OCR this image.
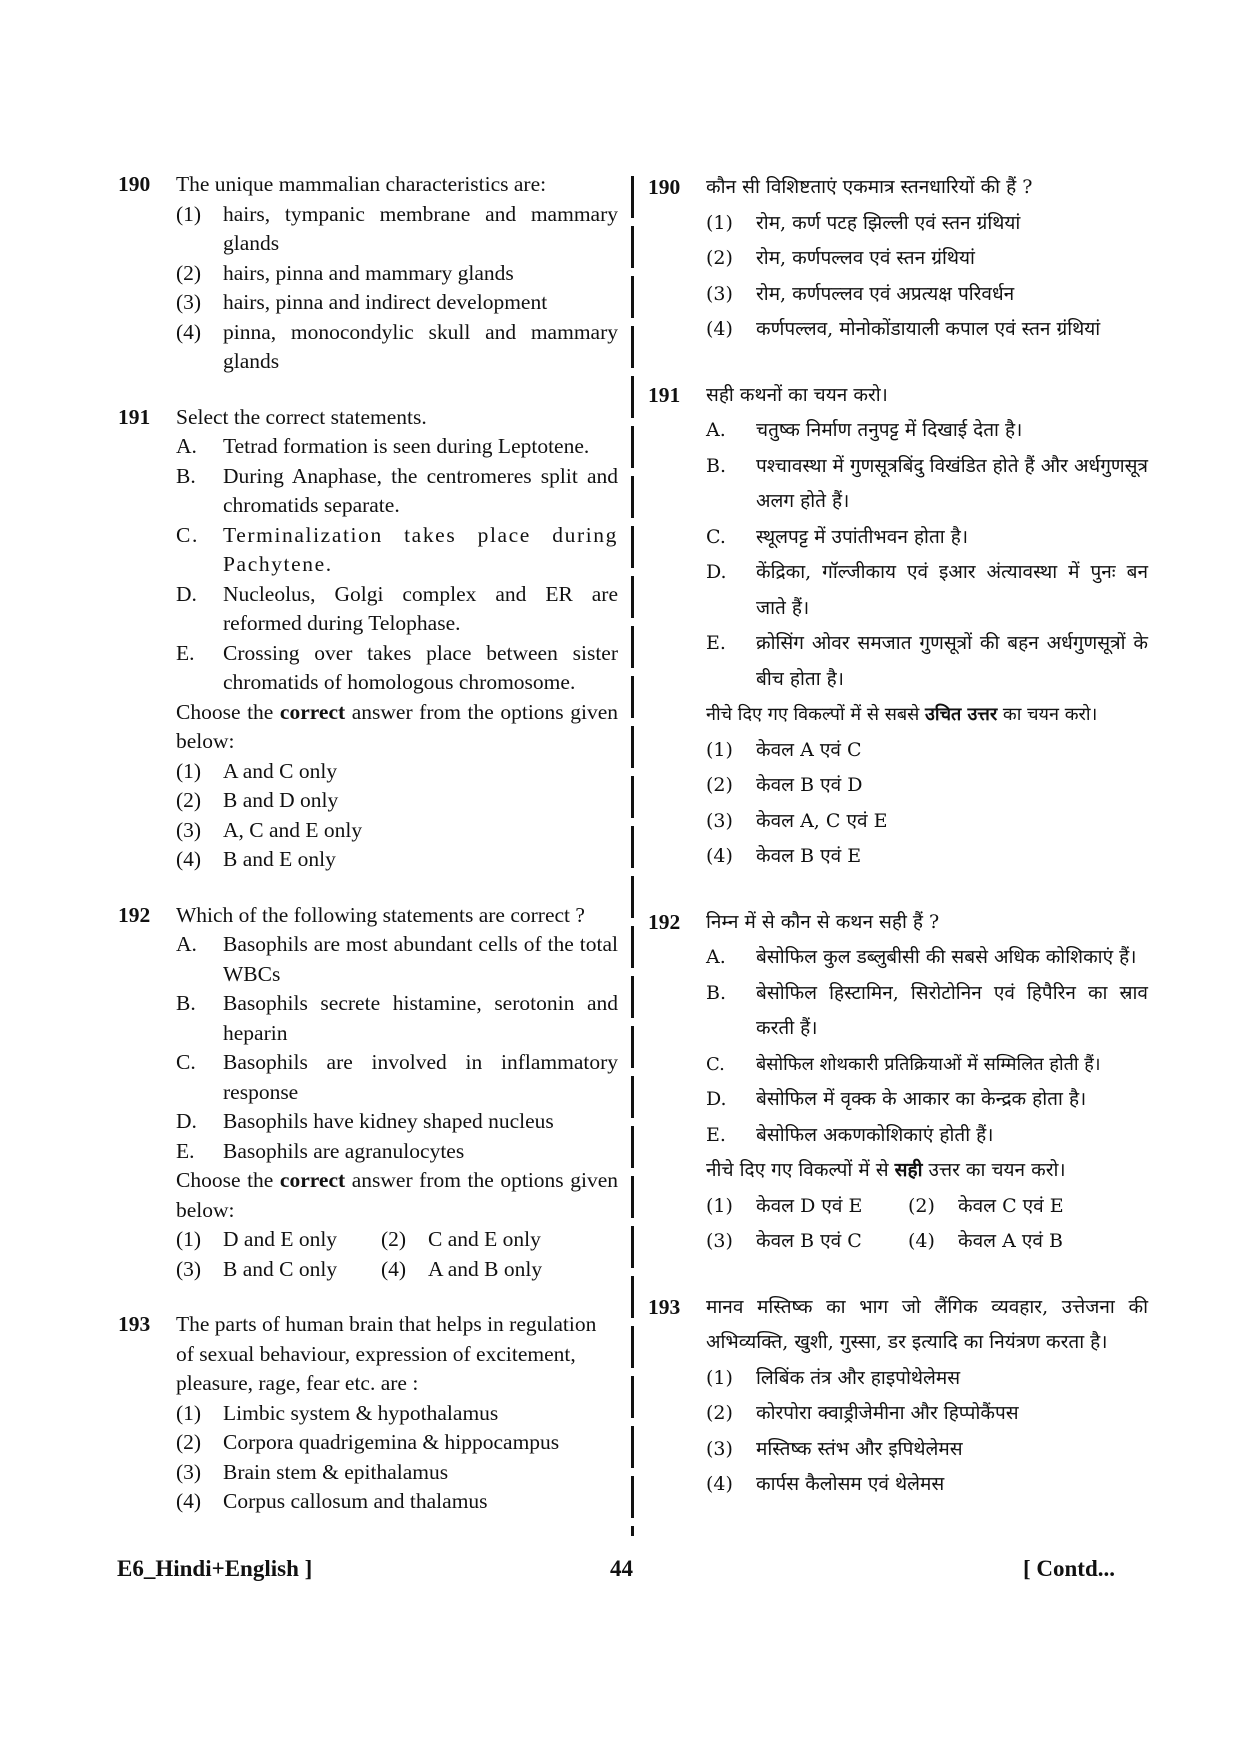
190 The unique mammalian characteristics are:
(1) hairs, tympanic membrane and mammary glands
(2) hairs, pinna and mammary glands
(3) hairs, pinna and indirect development
(4) pinna, monocondylic skull and mammary glands
191 Select the correct statements.
A. Tetrad formation is seen during Leptotene.
B. During Anaphase, the centromeres split and chromatids separate.
C. Terminalization takes place during Pachytene.
D. Nucleolus, Golgi complex and ER are reformed during Telophase.
E. Crossing over takes place between sister chromatids of homologous chromosome.
Choose the correct answer from the options given below:
(1) A and C only
(2) B and D only
(3) A, C and E only
(4) B and E only
192 Which of the following statements are correct ?
A. Basophils are most abundant cells of the total WBCs
B. Basophils secrete histamine, serotonin and heparin
C. Basophils are involved in inflammatory response
D. Basophils have kidney shaped nucleus
E. Basophils are agranulocytes
Choose the correct answer from the options given below:
(1) D and E only	(2) C and E only
(3) B and C only	(4) A and B only
193 The parts of human brain that helps in regulation of sexual behaviour, expression of excitement, pleasure, rage, fear etc. are :
(1) Limbic system & hypothalamus
(2) Corpora quadrigemina & hippocampus
(3) Brain stem & epithalamus
(4) Corpus callosum and thalamus
190 कौन सी विशिष्टताएं एकमात्र स्तनधारियों की हैं ?
(1) रोम, कर्ण पटह झिल्ली एवं स्तन ग्रंथियां
(2) रोम, कर्णपल्लव एवं स्तन ग्रंथियां
(3) रोम, कर्णपल्लव एवं अप्रत्यक्ष परिवर्धन
(4) कर्णपल्लव, मोनोकोंडायाली कपाल एवं स्तन ग्रंथियां
191 सही कथनों का चयन करो।
A. चतुष्क निर्माण तनुपट्ट में दिखाई देता है।
B. पश्चावस्था में गुणसूत्रबिंदु विखंडित होते हैं और अर्धगुणसूत्र अलग होते हैं।
C. स्थूलपट्ट में उपांतीभवन होता है।
D. केंद्रिका, गॉल्जीकाय एवं इआर अंत्यावस्था में पुनः बन जाते हैं।
E. क्रोसिंग ओवर समजात गुणसूत्रों की बहन अर्धगुणसूत्रों के बीच होता है।
नीचे दिए गए विकल्पों में से सबसे उचित उत्तर का चयन करो।
(1) केवल A एवं C
(2) केवल B एवं D
(3) केवल A, C एवं E
(4) केवल B एवं E
192 निम्न में से कौन से कथन सही हैं ?
A. बेसोफिल कुल डब्लुबीसी की सबसे अधिक कोशिकाएं हैं।
B. बेसोफिल हिस्टामिन, सिरोटोनिन एवं हिपैरिन का स्राव करती हैं।
C. बेसोफिल शोथकारी प्रतिक्रियाओं में सम्मिलित होती हैं।
D. बेसोफिल में वृक्क के आकार का केन्द्रक होता है।
E. बेसोफिल अकणकोशिकाएं होती हैं।
नीचे दिए गए विकल्पों में से सही उत्तर का चयन करो।
(1) केवल D एवं E	(2) केवल C एवं E
(3) केवल B एवं C	(4) केवल A एवं B
193 मानव मस्तिष्क का भाग जो लैंगिक व्यवहार, उत्तेजना की अभिव्यक्ति, खुशी, गुस्सा, डर इत्यादि का नियंत्रण करता है।
(1) लिबिंक तंत्र और हाइपोथेलेमस
(2) कोरपोरा क्वाड्रीजेमीना और हिप्पोकैंपस
(3) मस्तिष्क स्तंभ और इपिथेलेमस
(4) कार्पस कैलोसम एवं थेलेमस
E6_Hindi+English ]	44	[ Contd...
